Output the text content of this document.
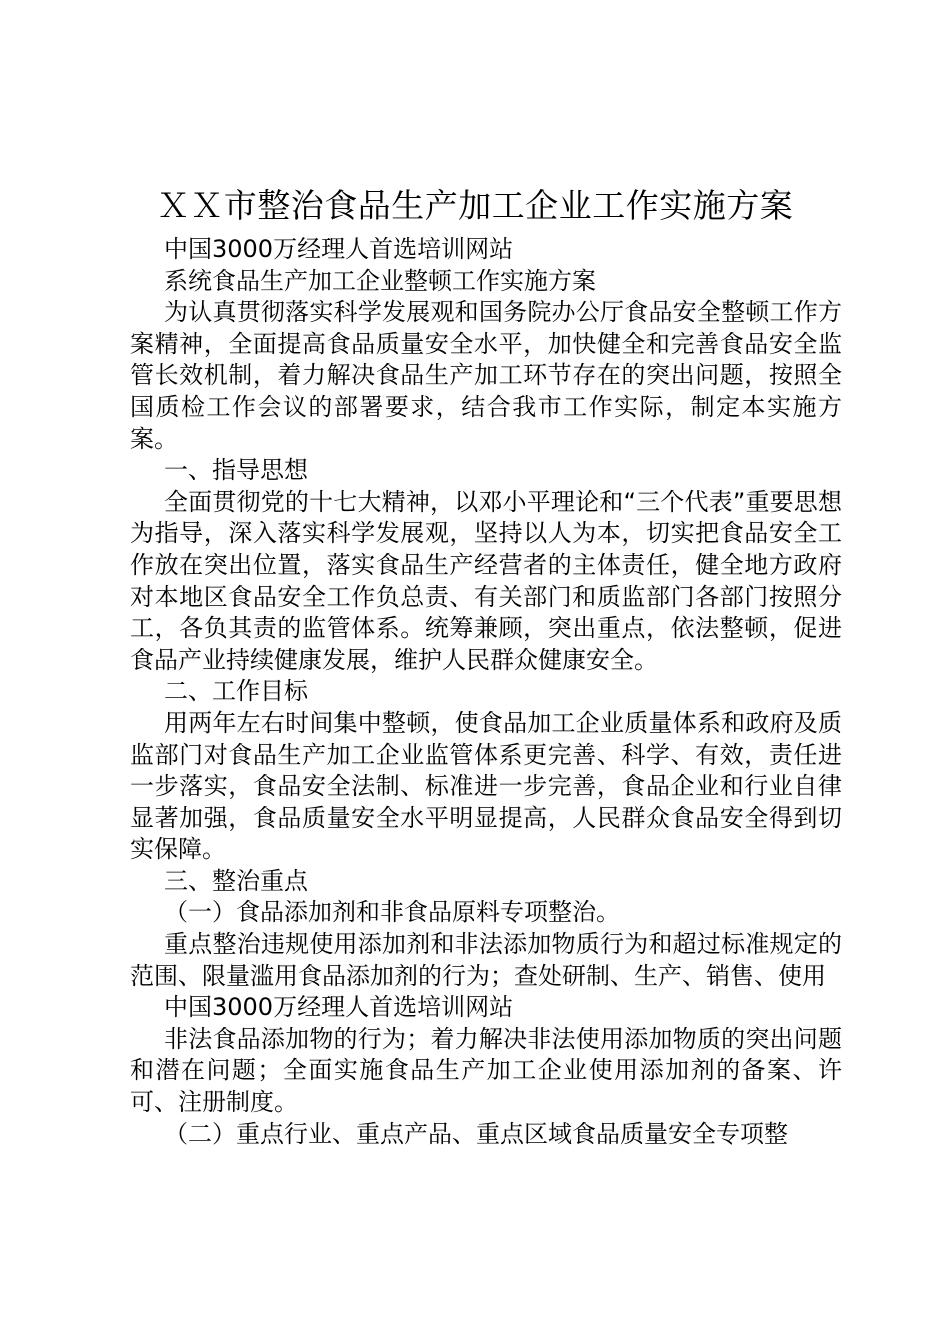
ＸＸ市整治食品生产加工企业工作实施方案

中国3000万经理人首选培训网站

系统食品生产加工企业整顿工作实施方案

为认真贯彻落实科学发展观和国务院办公厅食品安全整顿工作方案精神，全面提高食品质量安全水平，加快健全和完善食品安全监管长效机制，着力解决食品生产加工环节存在的突出问题，按照全国质检工作会议的部署要求，结合我市工作实际，制定本实施方案。

一、指导思想

全面贯彻党的十七大精神，以邓小平理论和“三个代表”重要思想为指导，深入落实科学发展观，坚持以人为本，切实把食品安全工作放在突出位置，落实食品生产经营者的主体责任，健全地方政府对本地区食品安全工作负总责、有关部门和质监部门各部门按照分工，各负其责的监管体系。统筹兼顾，突出重点，依法整顿，促进食品产业持续健康发展，维护人民群众健康安全。

二、工作目标

用两年左右时间集中整顿，使食品加工企业质量体系和政府及质监部门对食品生产加工企业监管体系更完善、科学、有效，责任进一步落实，食品安全法制、标准进一步完善，食品企业和行业自律显著加强，食品质量安全水平明显提高，人民群众食品安全得到切实保障。

三、整治重点

（一）食品添加剂和非食品原料专项整治。

重点整治违规使用添加剂和非法添加物质行为和超过标准规定的范围、限量滥用食品添加剂的行为；查处研制、生产、销售、使用

中国3000万经理人首选培训网站

非法食品添加物的行为；着力解决非法使用添加物质的突出问题和潜在问题；全面实施食品生产加工企业使用添加剂的备案、许可、注册制度。

（二）重点行业、重点产品、重点区域食品质量安全专项整
